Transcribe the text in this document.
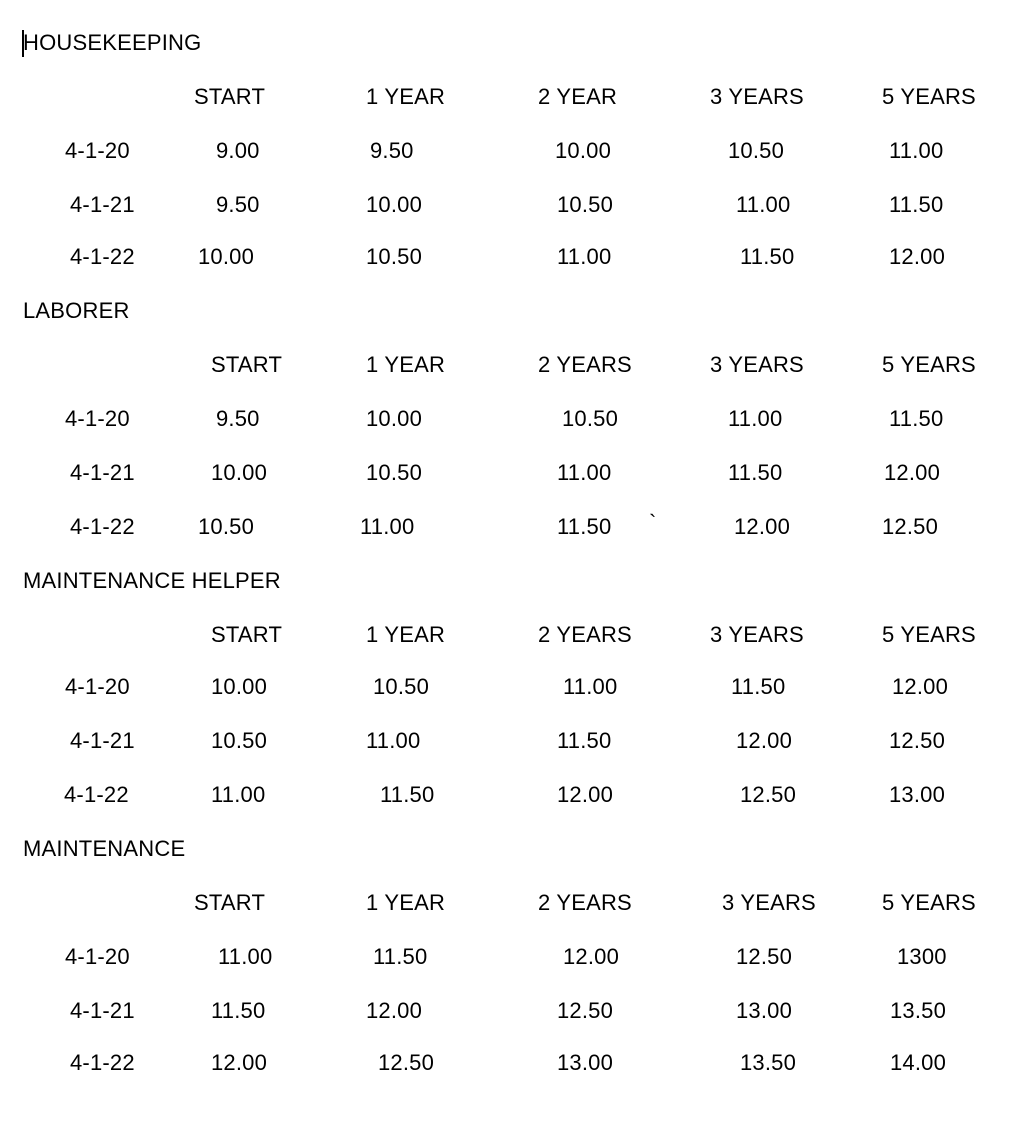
HOUSEKEEPING
START	1 YEAR	2 YEAR	3 YEARS	5 YEARS
4-1-20	9.00	9.50	10.00	10.50	11.00
4-1-21	9.50	10.00	10.50	11.00	11.50
4-1-22	10.00	10.50	11.00	11.50	12.00
LABORER
START	1 YEAR	2 YEARS	3 YEARS	5 YEARS
4-1-20	9.50	10.00	10.50	11.00	11.50
4-1-21	10.00	10.50	11.00	11.50	12.00
4-1-22	10.50	11.00	11.50 `	12.00	12.50
MAINTENANCE HELPER
START	1 YEAR	2 YEARS	3 YEARS	5 YEARS
4-1-20	10.00	10.50	11.00	11.50	12.00
4-1-21	10.50	11.00	11.50	12.00	12.50
4-1-22	11.00	11.50	12.00	12.50	13.00
MAINTENANCE
START	1 YEAR	2 YEARS	3 YEARS	5 YEARS
4-1-20	11.00	11.50	12.00	12.50	1300
4-1-21	11.50	12.00	12.50	13.00	13.50
4-1-22	12.00	12.50	13.00	13.50	14.00
